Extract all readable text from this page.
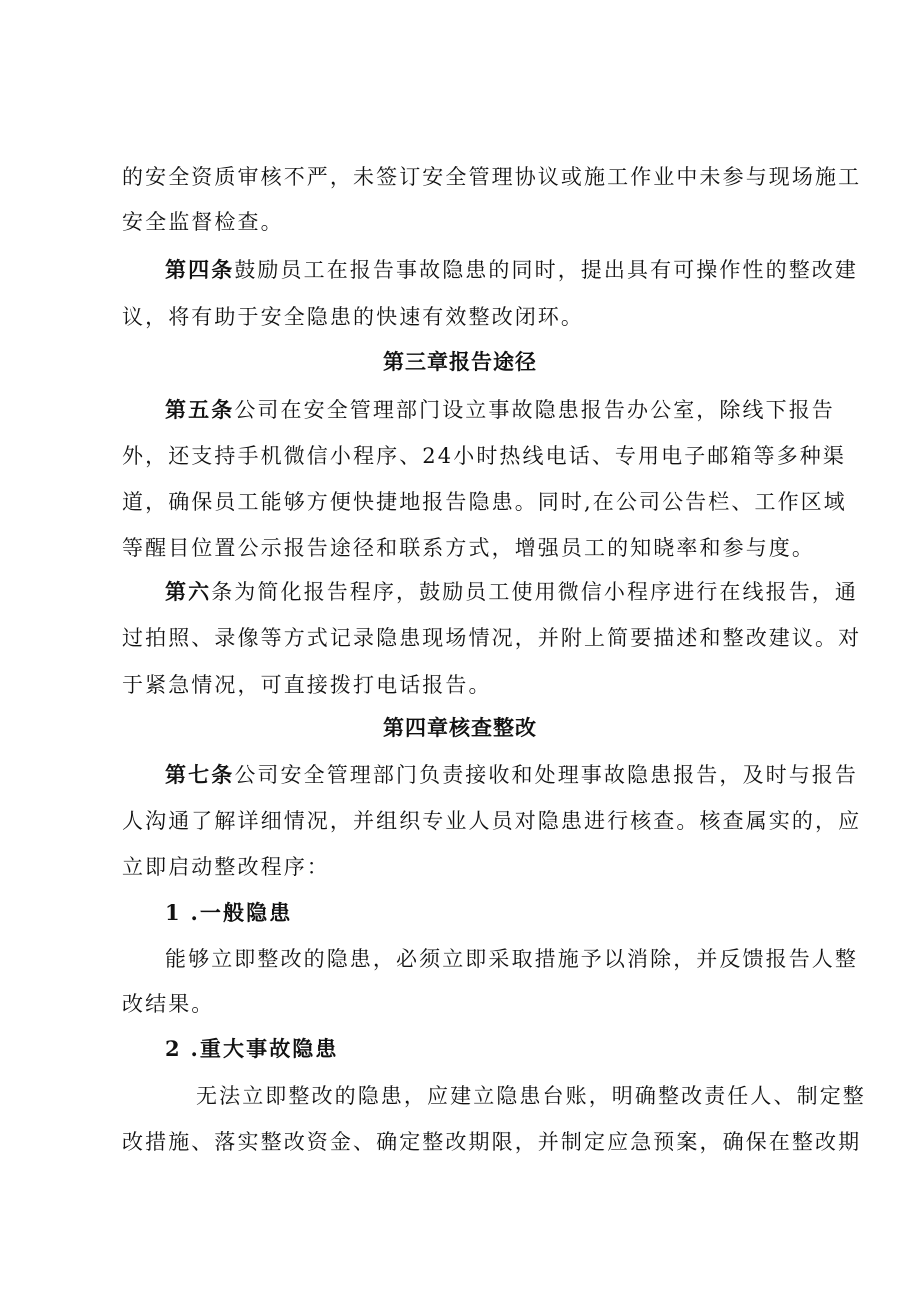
的安全资质审核不严，未签订安全管理协议或施工作业中未参与现场施工
安全监督检查。
第四条鼓励员工在报告事故隐患的同时，提出具有可操作性的整改建
议，将有助于安全隐患的快速有效整改闭环。
第三章报告途径
第五条公司在安全管理部门设立事故隐患报告办公室，除线下报告
外，还支持手机微信小程序、24小时热线电话、专用电子邮箱等多种渠
道，确保员工能够方便快捷地报告隐患。同时,在公司公告栏、工作区域
等醒目位置公示报告途径和联系方式，增强员工的知晓率和参与度。
第六条为简化报告程序，鼓励员工使用微信小程序进行在线报告，通
过拍照、录像等方式记录隐患现场情况，并附上简要描述和整改建议。对
于紧急情况，可直接拨打电话报告。
第四章核查整改
第七条公司安全管理部门负责接收和处理事故隐患报告，及时与报告
人沟通了解详细情况，并组织专业人员对隐患进行核查。核查属实的，应
立即启动整改程序：
1 .一般隐患
能够立即整改的隐患，必须立即采取措施予以消除，并反馈报告人整
改结果。
2 .重大事故隐患
无法立即整改的隐患，应建立隐患台账，明确整改责任人、制定整
改措施、落实整改资金、确定整改期限，并制定应急预案，确保在整改期
